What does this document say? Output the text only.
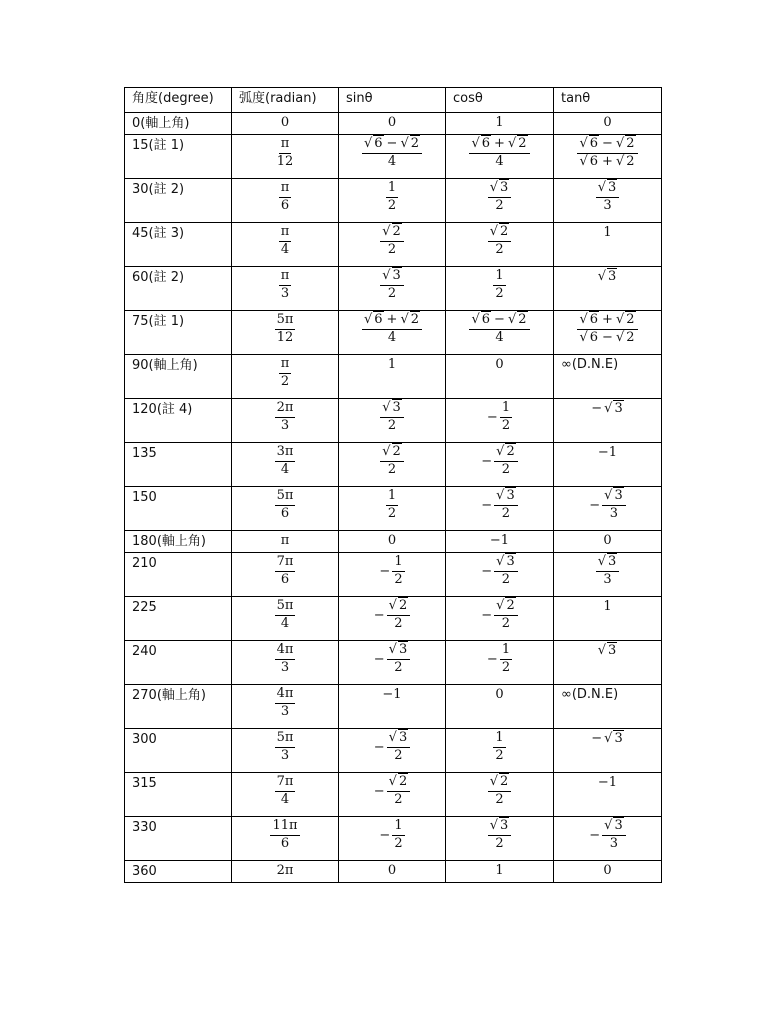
角度(degree)	弧度(radian)	sinθ	cosθ	tanθ
0(軸上角)	0	0	1	0
15(註 1)	$\frac{\pi}{12}$	$\frac{√ 6 - √ 2}{4}$	$\frac{√ 6 + √ 2}{4}$	$\frac{√ 6 - √ 2}{√ 6 + √ 2}$

30(註 2)	$\frac{\pi}{6}$	$\frac{1}{2}$	$\frac{√ 3}{2}$	$\frac{√ 3}{3}$

45(註 3)	$\frac{\pi}{4}$	$\frac{√ 2}{2}$	$\frac{√ 2}{2}$	1
60(註 2)	$\frac{\pi}{3}$	$\frac{√ 3}{2}$	$\frac{1}{2}$	√ 3
75(註 1)	$\frac{5\pi}{12}$	$\frac{√ 6 + √ 2}{4}$	$\frac{√ 6 - √ 2}{4}$	$\frac{√ 6 + √ 2}{√ 6 - √ 2}$

90(軸上角)	$\frac{\pi}{2}$	1	0	∞(D.N.E)
120(註 4)	$\frac{2\pi}{3}$	$\frac{√ 3}{2}$	− $\frac{1}{2}$	− √ 3
135	$\frac{3\pi}{4}$	$\frac{√ 2}{2}$	− $\frac{√ 2}{2}$	−1
150	$\frac{5\pi}{6}$	$\frac{1}{2}$	− $\frac{√ 3}{2}$	− $\frac{√ 3}{3}$

180(軸上角)	π	0	−1	0
210	$\frac{7\pi}{6}$	− $\frac{1}{2}$	− $\frac{√ 3}{2}$	$\frac{√ 3}{3}$

225	$\frac{5\pi}{4}$	− $\frac{√ 2}{2}$	− $\frac{√ 2}{2}$	1
240	$\frac{4\pi}{3}$	− $\frac{√ 3}{2}$	− $\frac{1}{2}$	√ 3
270(軸上角)	$\frac{4\pi}{3}$	−1	0	∞(D.N.E)
300	$\frac{5\pi}{3}$	− $\frac{√ 3}{2}$	$\frac{1}{2}$	− √ 3
315	$\frac{7\pi}{4}$	− $\frac{√ 2}{2}$	$\frac{√ 2}{2}$	−1
330	$\frac{11\pi}{6}$	− $\frac{1}{2}$	$\frac{√ 3}{2}$	− $\frac{√ 3}{3}$

360	2π	0	1	0
